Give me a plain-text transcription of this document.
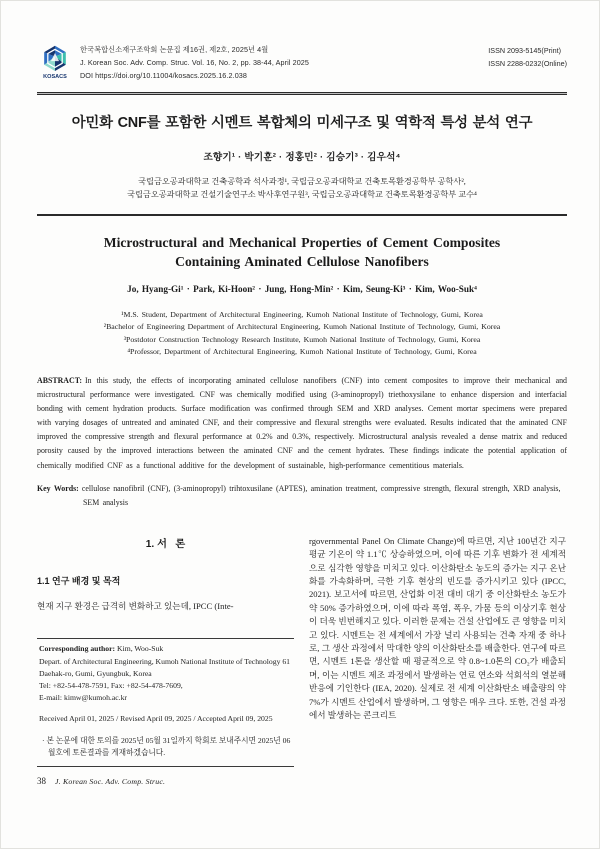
KOSACS
한국복합신소재구조학회 논문집 제16권, 제2호, 2025년 4월
J. Korean Soc. Adv. Comp. Struc. Vol. 16, No. 2, pp. 38-44, April 2025
DOI https://doi.org/10.11004/kosacs.2025.16.2.038
ISSN 2093-5145(Print)
ISSN 2288-0232(Online)
아민화 CNF를 포함한 시멘트 복합체의 미세구조 및 역학적 특성 분석 연구
조향기¹ · 박기훈² · 정홍민² · 김승기³ · 김우석⁴
국립금오공과대학교 건축공학과 석사과정¹, 국립금오공과대학교 건축토목환경공학부 공학사²,
국립금오공과대학교 건설기술연구소 박사후연구원³, 국립금오공과대학교 건축토목환경공학부 교수⁴
Microstructural and Mechanical Properties of Cement Composites Containing Aminated Cellulose Nanofibers
Jo, Hyang-Gi¹ · Park, Ki-Hoon² · Jung, Hong-Min² · Kim, Seung-Ki³ · Kim, Woo-Suk⁴
¹M.S. Student, Department of Architectural Engineering, Kumoh National Institute of Technology, Gumi, Korea
²Bachelor of Engineering Department of Architectural Engineering, Kumoh National Institute of Technology, Gumi, Korea
³Postdotor Construction Technology Research Institute, Kumoh National Institute of Technology, Gumi, Korea
⁴Professor, Department of Architectural Engineering, Kumoh National Institute of Technology, Gumi, Korea

ABSTRACT: In this study, the effects of incorporating aminated cellulose nanofibers (CNF) into cement composites to improve their mechanical and microstructural performance were investigated. CNF was chemically modified using (3-aminopropyl) triethoxysilane to enhance dispersion and interfacial bonding with cement hydration products. Surface modification was confirmed through SEM and XRD analyses. Cement mortar specimens were prepared with varying dosages of untreated and aminated CNF, and their compressive and flexural strengths were evaluated. Results indicated that the aminated CNF improved the compressive strength and flexural performance at 0.2% and 0.3%, respectively. Microstructural analysis revealed a dense matrix and reduced porosity caused by the improved interactions between the aminated CNF and the cement hydrates. These findings indicate the potential application of chemically modified CNF as a functional additive for the development of sustainable, high-performance cementitious materials.

Key Words: cellulose nanofibril (CNF), (3-aminopropyl) trihtoxusilane (APTES), amination treatment, compressive strength, flexural strength, XRD analysis, SEM analysis

1. 서   론
1.1 연구 배경 및 목적

현재 지구 환경은 급격히 변화하고 있는데, IPCC (Inte-

Corresponding author: Kim, Woo-Suk

Depart. of Architectural Engineering, Kumoh National Institute of Technology 61 Daehak-ro, Gumi, Gyungbuk, Korea

Tel: +82-54-478-7591, Fax: +82-54-478-7609,

E-mail: kimw@kumoh.ac.kr

Received April 01, 2025 / Revised April 09, 2025 / Accepted April 09, 2025

· 본 논문에 대한 토의를 2025년 05월 31일까지 학회로 보내주시면 2025년 06월호에 토론결과를 게재하겠습니다.

rgovernmental Panel On Climate Change)에 따르면, 지난 100년간 지구 평균 기온이 약 1.1℃ 상승하였으며, 이에 따른 기후 변화가 전 세계적으로 심각한 영향을 미치고 있다. 이산화탄소 농도의 증가는 지구 온난화를 가속화하며, 극한 기후 현상의 빈도를 증가시키고 있다 (IPCC, 2021). 보고서에 따르면, 산업화 이전 대비 대기 중 이산화탄소 농도가 약 50% 증가하였으며, 이에 따라 폭염, 폭우, 가뭄 등의 이상기후 현상이 더욱 빈번해지고 있다. 이러한 문제는 건설 산업에도 큰 영향을 미치고 있다. 시멘트는 전 세계에서 가장 널리 사용되는 건축 자재 중 하나로, 그 생산 과정에서 막대한 양의 이산화탄소를 배출한다. 연구에 따르면, 시멘트 1톤을 생산할 때 평균적으로 약 0.8~1.0톤의 CO₂가 배출되며, 이는 시멘트 제조 과정에서 발생하는 연료 연소와 석회석의 열분해 반응에 기인한다 (IEA, 2020). 실제로 전 세계 이산화탄소 배출량의 약 7%가 시멘트 산업에서 발생하며, 그 영향은 매우 크다. 또한, 건설 과정에서 발생하는 콘크리트

38 J. Korean Soc. Adv. Comp. Struc.
